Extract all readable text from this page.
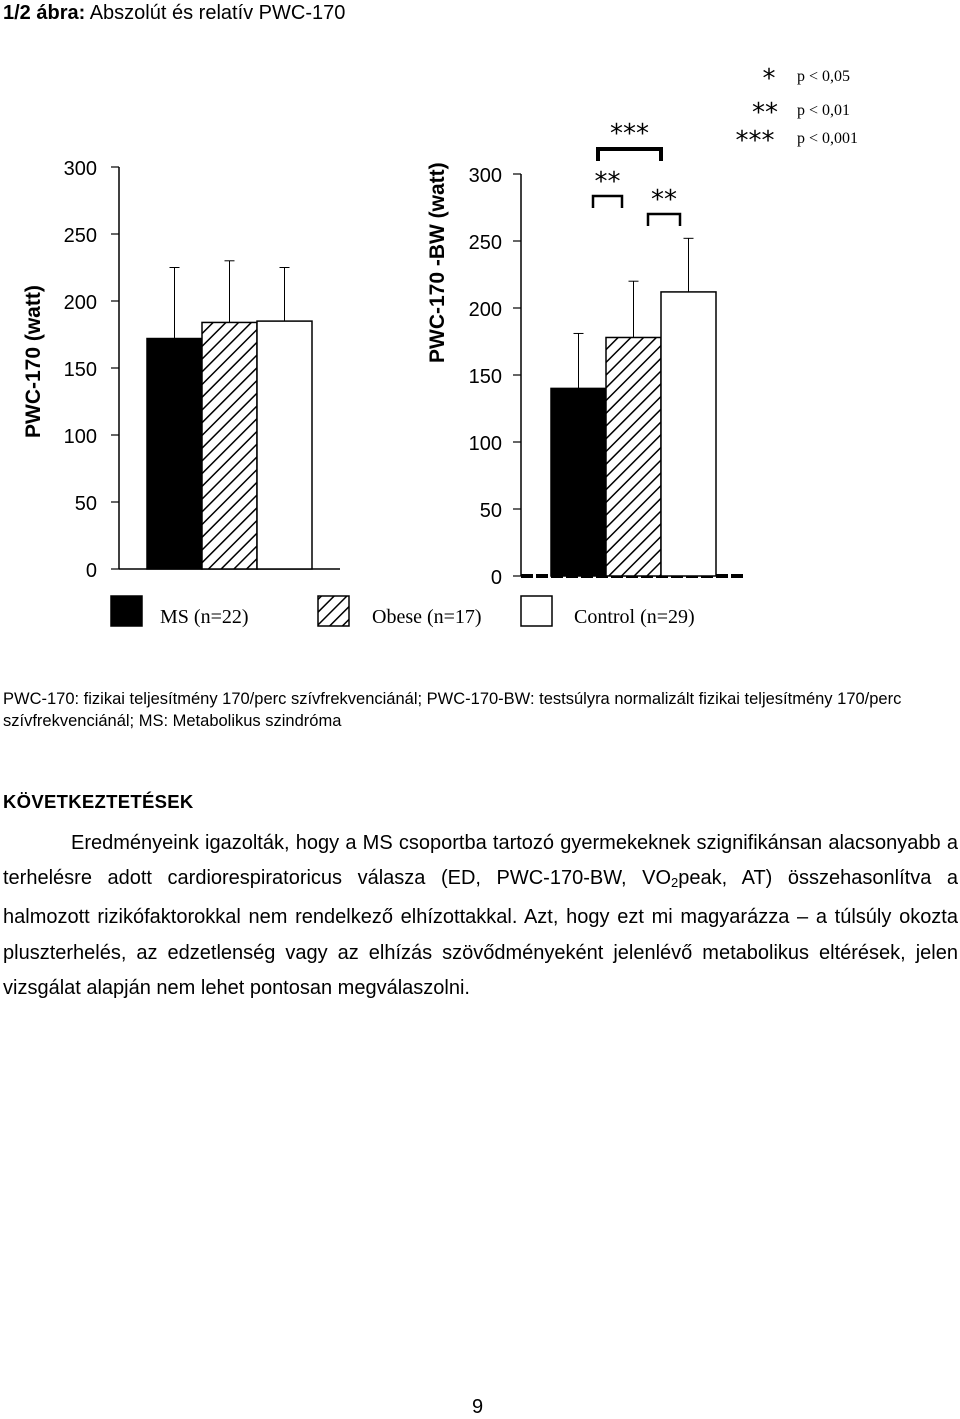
1/2 ábra: Abszolút és relatív PWC-170
0
50
100
150
200
250
300
PWC-170 (watt)
0
50
100
150
200
250
300
PWC-170 -BW (watt)	**
**
***
* p < 0,05
** p < 0,01
*** p < 0,001
MS (n=22)	Obese (n=17)	Control (n=29)
PWC-170: fizikai teljesítmény 170/perc szívfrekvenciánál; PWC-170-BW: testsúlyra normalizált fizikai teljesítmény 170/perc szívfrekvenciánál; MS: Metabolikus szindróma
KÖVETKEZTETÉSEK
Eredményeink igazolták, hogy a MS csoportba tartozó gyermekeknek szignifikánsan alacsonyabb a terhelésre adott cardiorespiratoricus válasza (ED, PWC-170-BW, $VO_2peak$, AT) összehasonlítva a halmozott rizikófaktorokkal nem rendelkező elhízottakkal. Azt, hogy ezt mi magyarázza – a túlsúly okozta pluszterhelés, az edzetlenség vagy az elhízás szövődményeként jelenlévő metabolikus eltérések, jelen vizsgálat alapján nem lehet pontosan megválaszolni.
9
